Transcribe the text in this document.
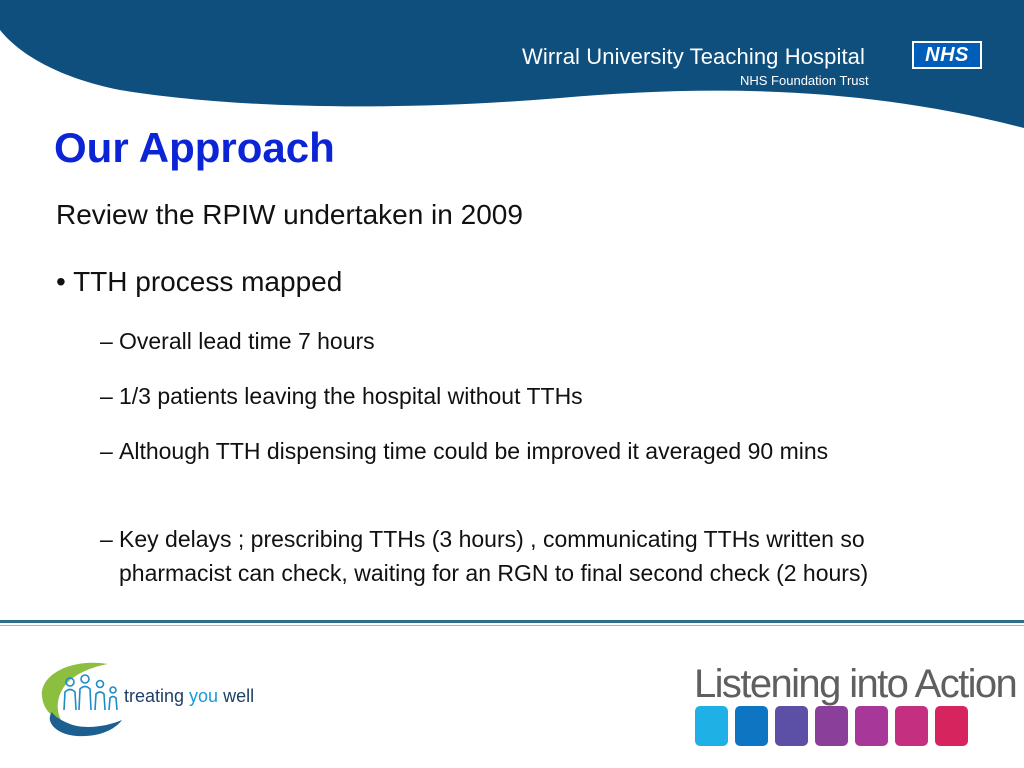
Wirral University Teaching Hospital
NHS Foundation Trust
NHS
Our Approach
Review the RPIW undertaken in 2009
• TTH process mapped
– Overall lead time 7 hours
– 1/3 patients leaving the hospital without TTHs
– Although TTH dispensing time could be improved it averaged 90 mins
– Key delays ; prescribing TTHs (3 hours) , communicating TTHs written so pharmacist can check, waiting for an RGN to final second check (2 hours)
treating you well	Listening into Action
